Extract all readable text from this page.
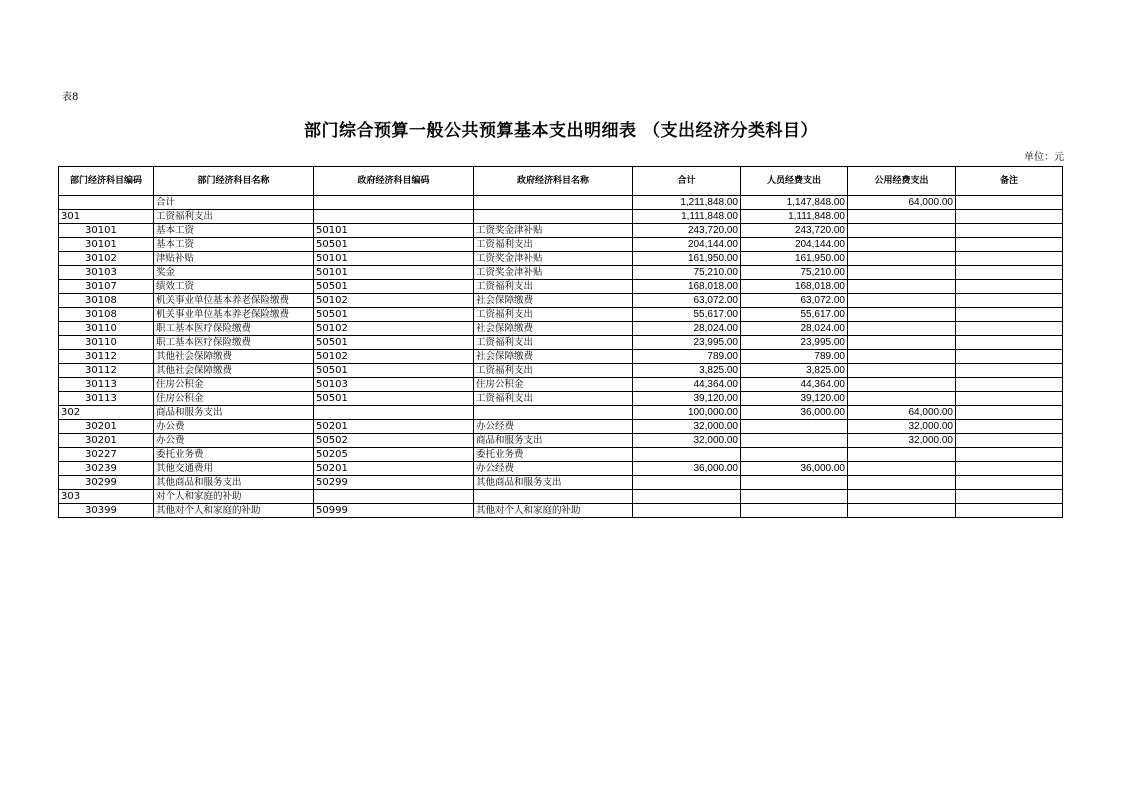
表8
部门综合预算一般公共预算基本支出明细表 （支出经济分类科目）
单位：元
部门经济科目编码	部门经济科目名称	政府经济科目编码	政府经济科目名称	合计	人员经费支出	公用经费支出	备注
	合计			1,211,848.00	1,147,848.00	64,000.00	
301	工资福利支出			1,111,848.00	1,111,848.00		
30101	基本工资	50101	工资奖金津补贴	243,720.00	243,720.00		
30101	基本工资	50501	工资福利支出	204,144.00	204,144.00		
30102	津贴补贴	50101	工资奖金津补贴	161,950.00	161,950.00		
30103	奖金	50101	工资奖金津补贴	75,210.00	75,210.00		
30107	绩效工资	50501	工资福利支出	168,018.00	168,018.00		
30108	机关事业单位基本养老保险缴费	50102	社会保障缴费	63,072.00	63,072.00		
30108	机关事业单位基本养老保险缴费	50501	工资福利支出	55,617.00	55,617.00		
30110	职工基本医疗保险缴费	50102	社会保障缴费	28,024.00	28,024.00		
30110	职工基本医疗保险缴费	50501	工资福利支出	23,995.00	23,995.00		
30112	其他社会保障缴费	50102	社会保障缴费	789.00	789.00		
30112	其他社会保障缴费	50501	工资福利支出	3,825.00	3,825.00		
30113	住房公积金	50103	住房公积金	44,364.00	44,364.00		
30113	住房公积金	50501	工资福利支出	39,120.00	39,120.00		
302	商品和服务支出			100,000.00	36,000.00	64,000.00	
30201	办公费	50201	办公经费	32,000.00		32,000.00	
30201	办公费	50502	商品和服务支出	32,000.00		32,000.00	
30227	委托业务费	50205	委托业务费				
30239	其他交通费用	50201	办公经费	36,000.00	36,000.00		
30299	其他商品和服务支出	50299	其他商品和服务支出				
303	对个人和家庭的补助						
30399	其他对个人和家庭的补助	50999	其他对个人和家庭的补助				
